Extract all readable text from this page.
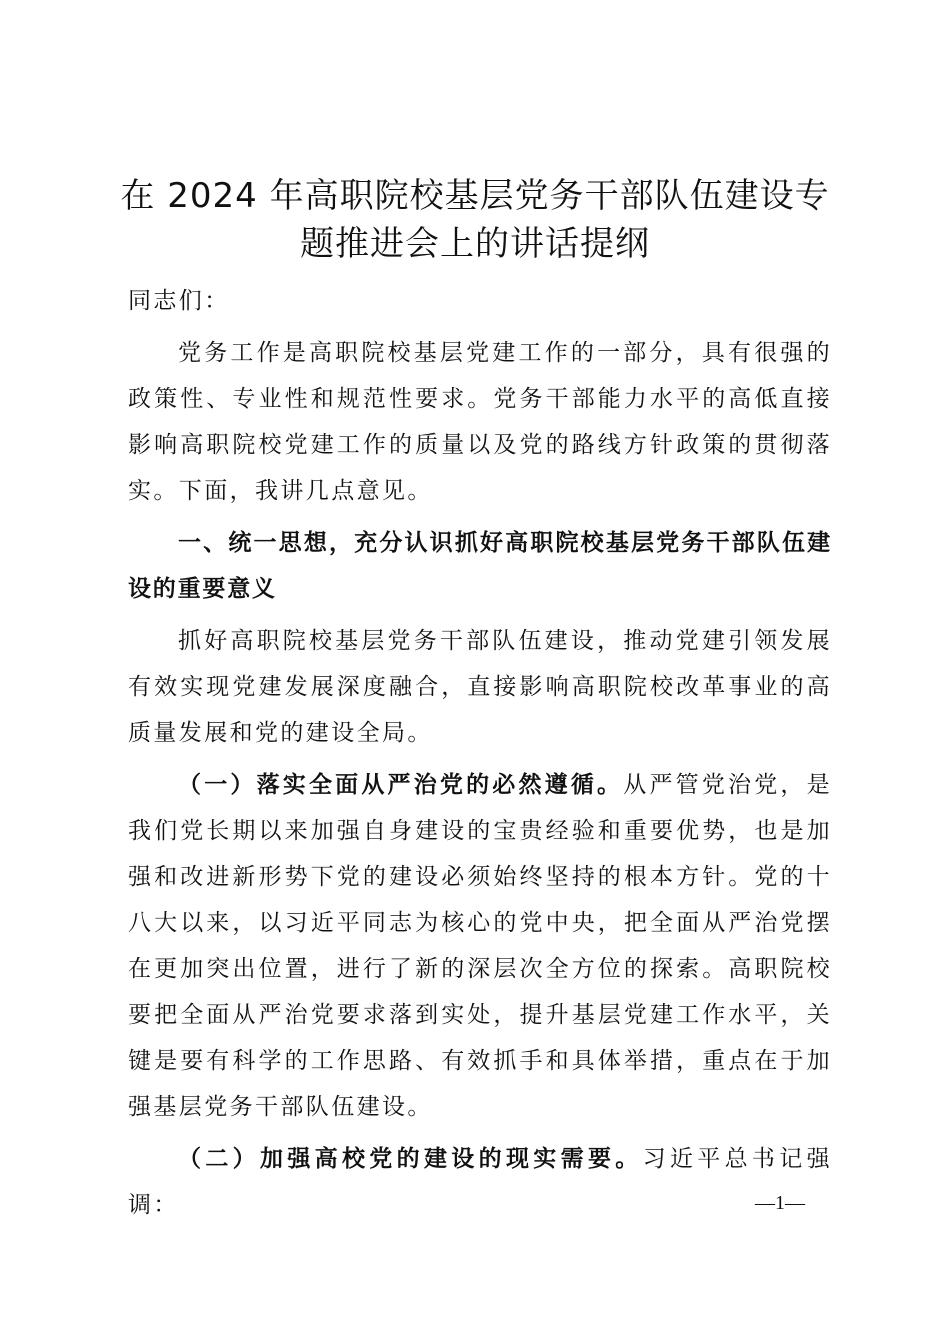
在 2024 年高职院校基层党务干部队伍建设专
题推进会上的讲话提纲

同志们：

党务工作是高职院校基层党建工作的一部分，具有很强的政策性、专业性和规范性要求。党务干部能力水平的高低直接影响高职院校党建工作的质量以及党的路线方针政策的贯彻落实。下面，我讲几点意见。

一、统一思想，充分认识抓好高职院校基层党务干部队伍建设的重要意义

抓好高职院校基层党务干部队伍建设，推动党建引领发展有效实现党建发展深度融合，直接影响高职院校改革事业的高质量发展和党的建设全局。

（一）落实全面从严治党的必然遵循。从严管党治党，是我们党长期以来加强自身建设的宝贵经验和重要优势，也是加强和改进新形势下党的建设必须始终坚持的根本方针。党的十八大以来，以习近平同志为核心的党中央，把全面从严治党摆在更加突出位置，进行了新的深层次全方位的探索。高职院校要把全面从严治党要求落到实处，提升基层党建工作水平，关键是要有科学的工作思路、有效抓手和具体举措，重点在于加强基层党务干部队伍建设。

（二）加强高校党的建设的现实需要。习近平总书记强调：	—1—
